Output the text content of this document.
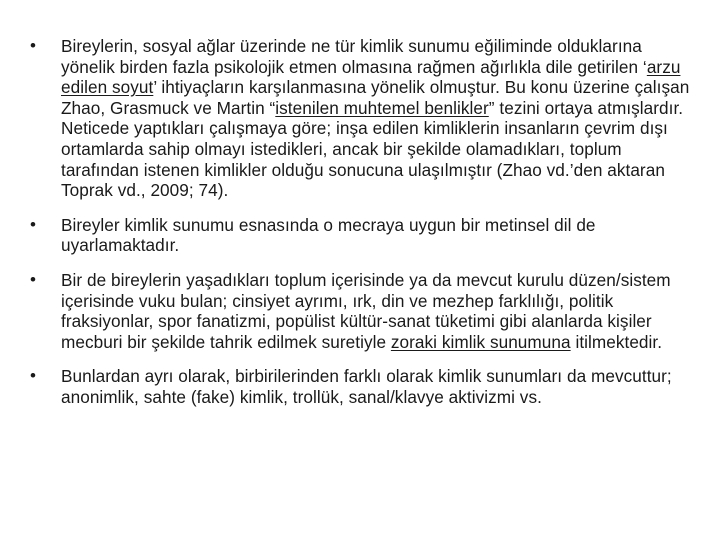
•	Bireylerin, sosyal ağlar üzerinde ne tür kimlik sunumu eğiliminde olduklarına yönelik birden fazla psikolojik etmen olmasına rağmen ağırlıkla dile getirilen ‘arzu edilen soyut’ ihtiyaçların karşılanmasına yönelik olmuştur. Bu konu üzerine çalışan Zhao, Grasmuck ve Martin “istenilen muhtemel benlikler” tezini ortaya atmışlardır. Neticede yaptıkları çalışmaya göre; inşa edilen kimliklerin insanların çevrim dışı ortamlarda sahip olmayı istedikleri, ancak bir şekilde olamadıkları, toplum tarafından istenen kimlikler olduğu sonucuna ulaşılmıştır (Zhao vd.’den aktaran Toprak vd., 2009; 74).
•	Bireyler kimlik sunumu esnasında o mecraya uygun bir metinsel dil de uyarlamaktadır.
•	Bir de bireylerin yaşadıkları toplum içerisinde ya da mevcut kurulu düzen/sistem içerisinde vuku bulan; cinsiyet ayrımı, ırk, din ve mezhep farklılığı, politik fraksiyonlar, spor fanatizmi, popülist kültür-sanat tüketimi gibi alanlarda kişiler mecburi bir şekilde tahrik edilmek suretiyle zoraki kimlik sunumuna itilmektedir.
•	Bunlardan ayrı olarak, birbirilerinden farklı olarak kimlik sunumları da mevcuttur; anonimlik, sahte (fake) kimlik, trollük, sanal/klavye aktivizmi vs.
